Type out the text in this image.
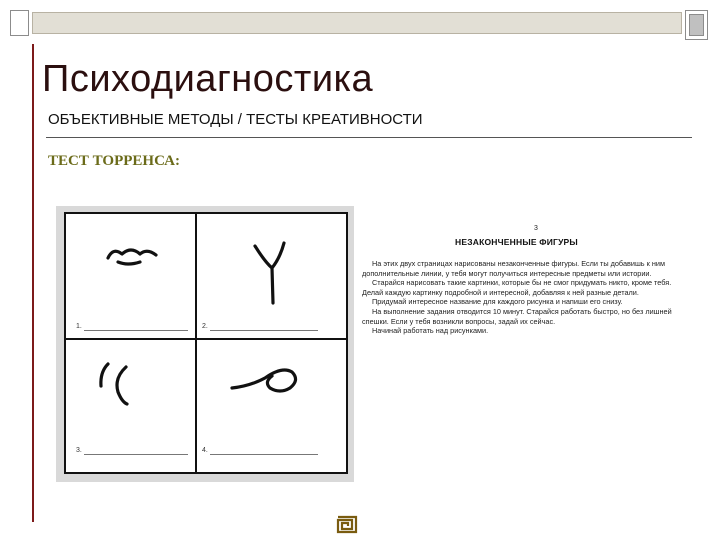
Психодиагностика
ОБЪЕКТИВНЫЕ МЕТОДЫ / ТЕСТЫ КРЕАТИВНОСТИ
ТЕСТ ТОРРЕНСА:
1.	2.
3.	4.
3
НЕЗАКОНЧЕННЫЕ ФИГУРЫ

На этих двух страницах нарисованы незаконченные фигуры. Если ты добавишь к ним дополнительные линии, у тебя могут получиться интересные предметы или истории.

Старайся нарисовать такие картинки, которые бы не смог придумать никто, кроме тебя. Делай каждую картинку подробной и интересной, добавляя к ней разные детали.

Придумай интересное название для каждого рисунка и напиши его снизу.

На выполнение задания отводится 10 минут. Старайся работать быстро, но без лишней спешки. Если у тебя возникли вопросы, задай их сейчас.

Начинай работать над рисунками.
